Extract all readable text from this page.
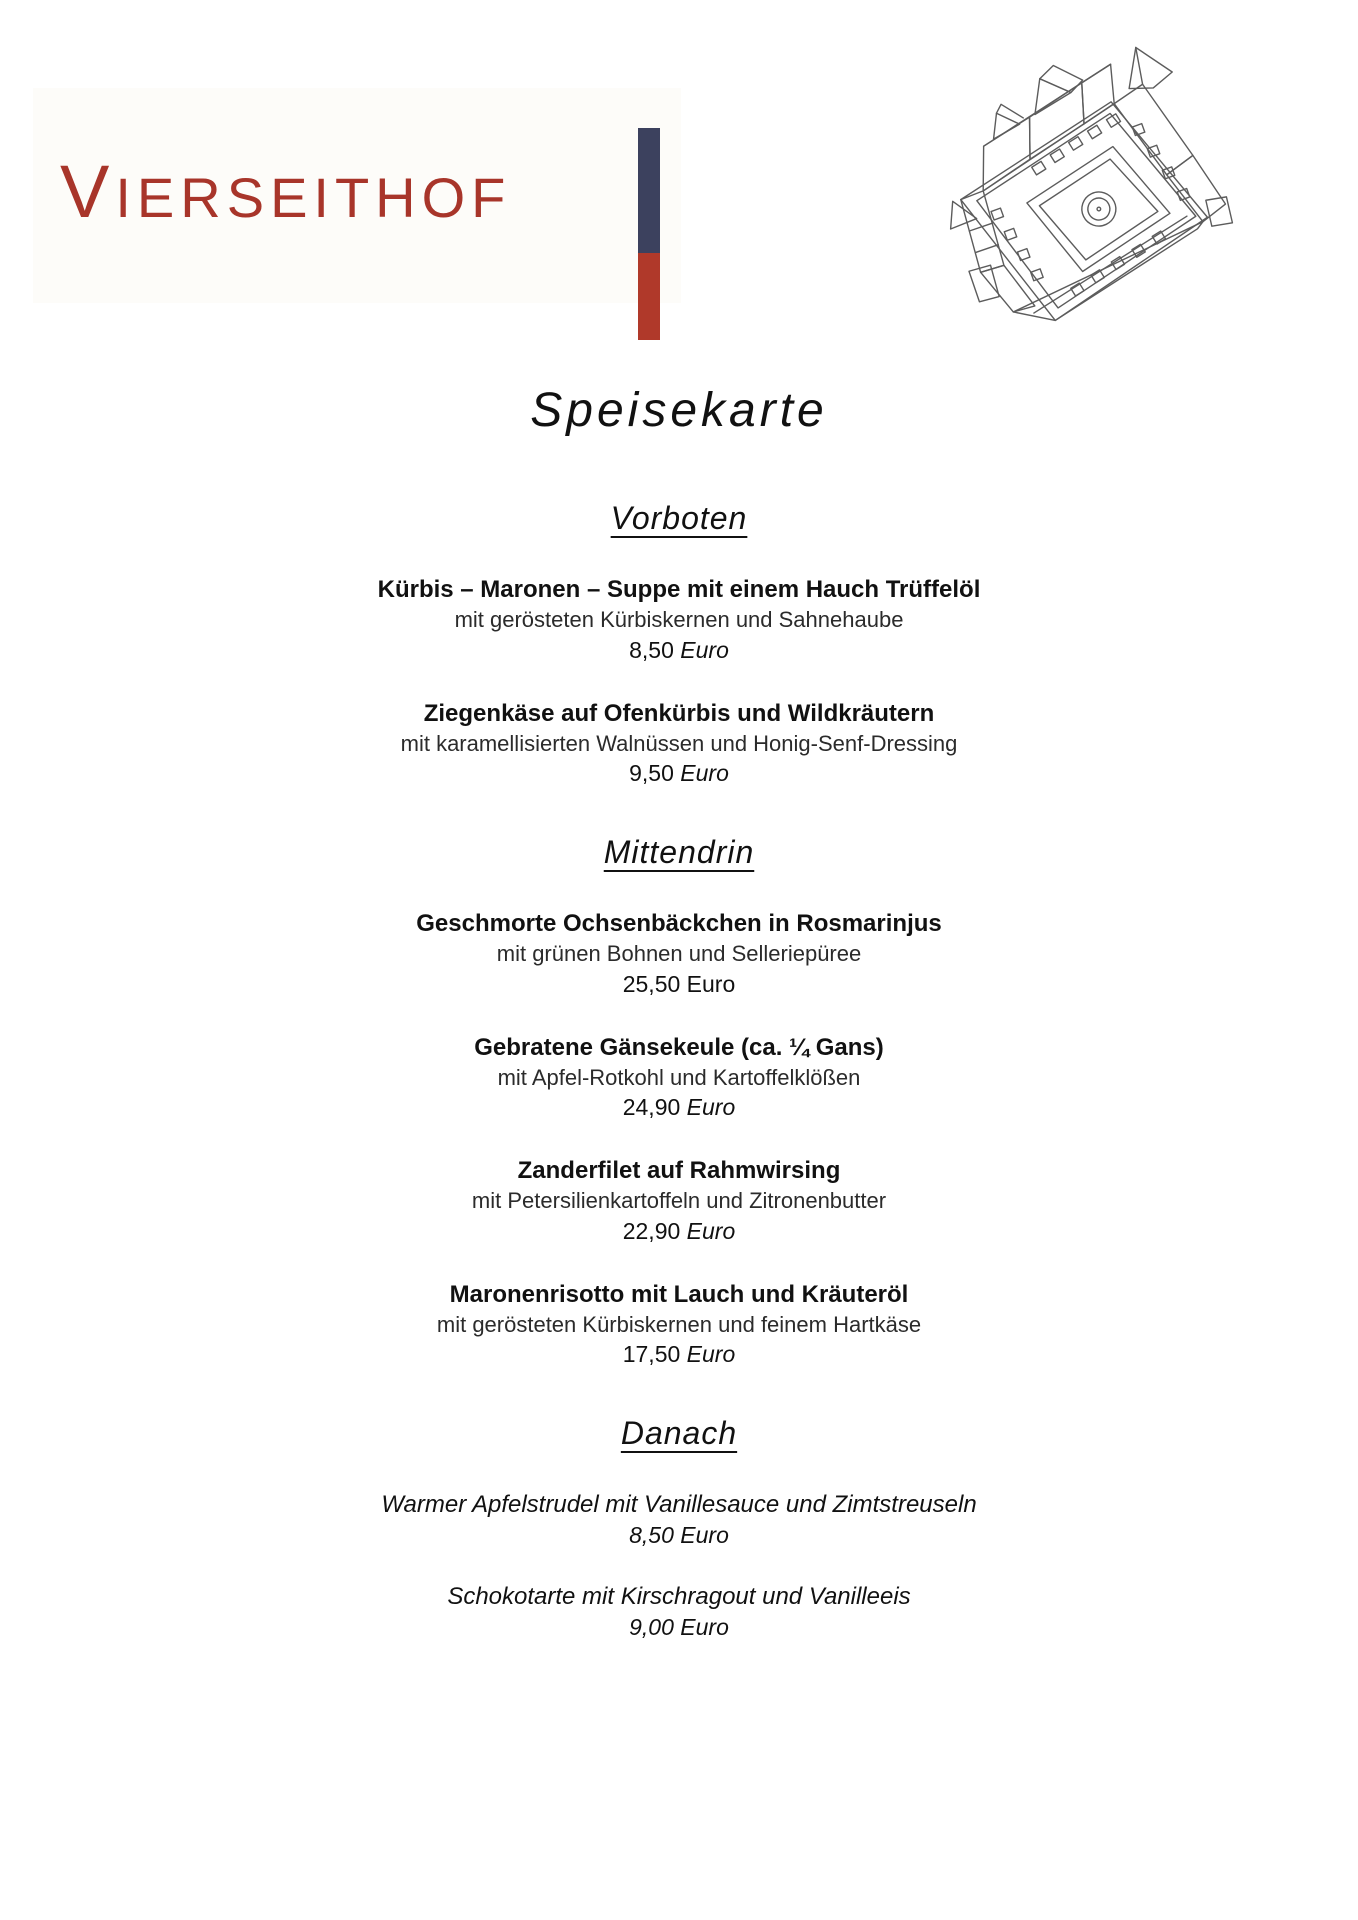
VIERSEITHOF
Speisekarte
Vorboten
Kürbis – Maronen – Suppe mit einem Hauch Trüffelöl
mit gerösteten Kürbiskernen und Sahnehaube
8,50 Euro
Ziegenkäse auf Ofenkürbis und Wildkräutern
mit karamellisierten Walnüssen und Honig-Senf-Dressing
9,50 Euro
Mittendrin
Geschmorte Ochsenbäckchen in Rosmarinjus
mit grünen Bohnen und Selleriepüree
25,50 Euro
Gebratene Gänsekeule (ca. ¼ Gans)
mit Apfel-Rotkohl und Kartoffelklößen
24,90 Euro
Zanderfilet auf Rahmwirsing
mit Petersilienkartoffeln und Zitronenbutter
22,90 Euro
Maronenrisotto mit Lauch und Kräuteröl
mit gerösteten Kürbiskernen und feinem Hartkäse
17,50 Euro
Danach
Warmer Apfelstrudel mit Vanillesauce und Zimtstreuseln
8,50 Euro
Schokotarte mit Kirschragout und Vanilleeis
9,00 Euro
